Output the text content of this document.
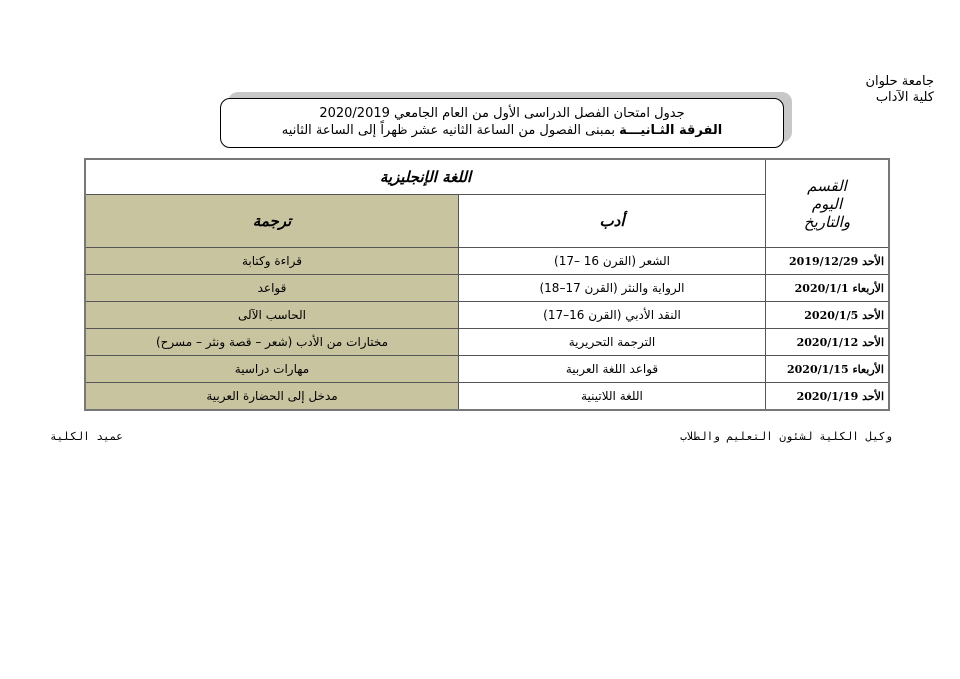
جامعة حلوان
كلية الآداب
جدول امتحان الفصل الدراسى الأول من العام الجامعي 2020/2019
الفرقة الثـانيـــة بمبنى الفصول من الساعة الثانيه عشر ظهراً إلى الساعة الثانيه
القسم
اليوم
والتاريخ	اللغة الإنجليزية	
	أدب	ترجمة
الأحد 2019/12/29	الشعر (القرن 16 –17)	قراءة وكتابة
الأربعاء 2020/1/1	الرواية والنثر (القرن 17–18)	قواعد
الأحد 2020/1/5	النقد الأدبي (القرن 16–17)	الحاسب الآلى
الأحد 2020/1/12	الترجمة التحريرية	مختارات من الأدب (شعر – قصة ونثر – مسرح)
الأربعاء 2020/1/15	قواعد اللغة العربية	مهارات دراسية
الأحد 2020/1/19	اللغة اللاتينية	مدخل إلى الحضارة العربية
وكيل الكلية لشئون التعليم والطلاب
عميد الكلية
